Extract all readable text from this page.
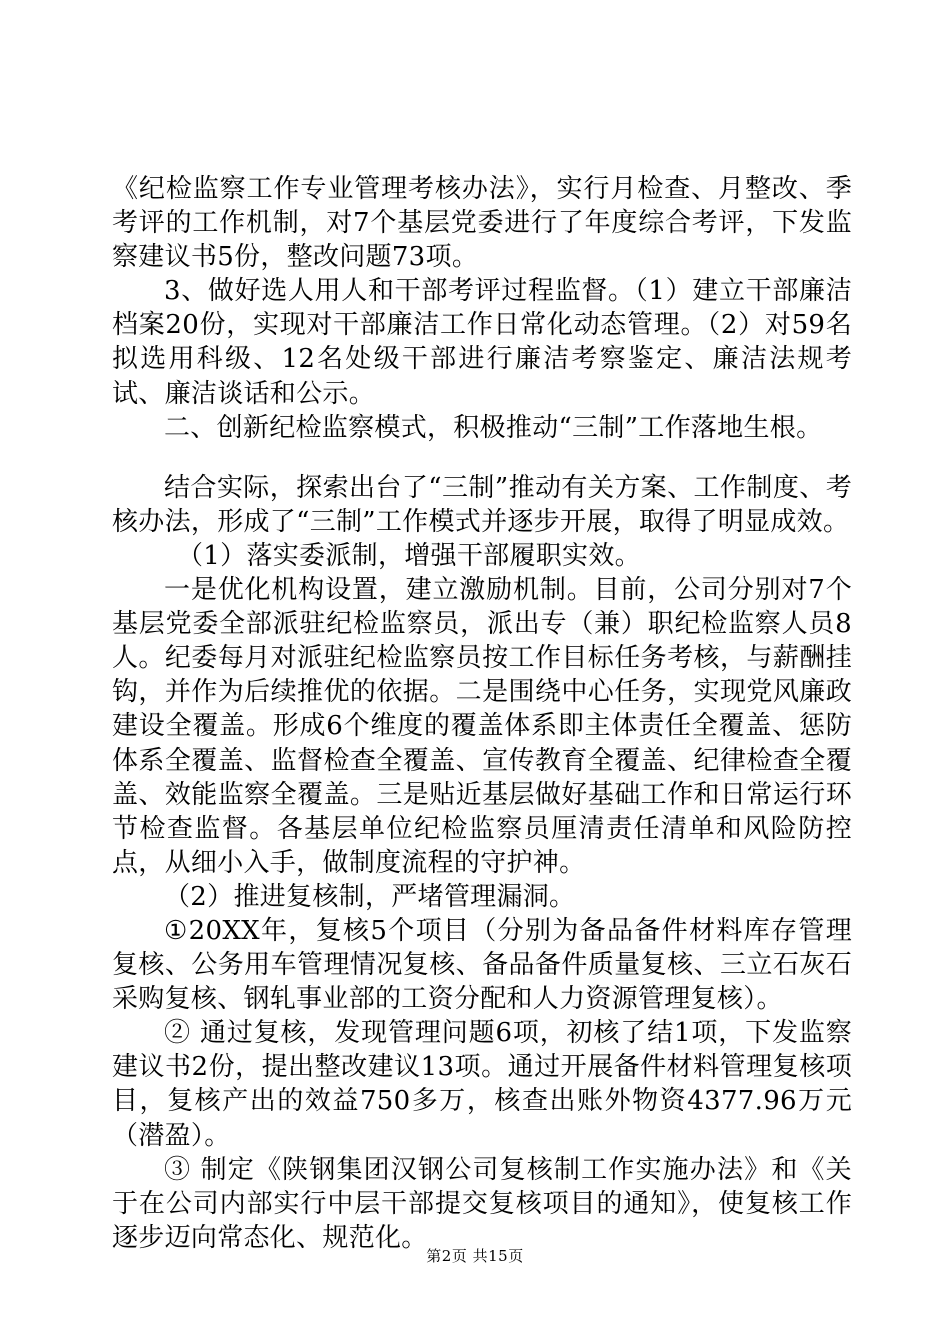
《纪检监察工作专业管理考核办法》，实行月检查、月整改、季考评的工作机制，对7个基层党委进行了年度综合考评，下发监察建议书5份，整改问题73项。

3、做好选人用人和干部考评过程监督。（1）建立干部廉洁档案20份，实现对干部廉洁工作日常化动态管理。（2）对59名拟选用科级、12名处级干部进行廉洁考察鉴定、廉洁法规考试、廉洁谈话和公示。

二、创新纪检监察模式，积极推动“三制”工作落地生根。

结合实际，探索出台了“三制”推动有关方案、工作制度、考核办法，形成了“三制”工作模式并逐步开展，取得了明显成效。

（1）落实委派制，增强干部履职实效。

一是优化机构设置，建立激励机制。目前，公司分别对7个基层党委全部派驻纪检监察员，派出专（兼）职纪检监察人员8人。纪委每月对派驻纪检监察员按工作目标任务考核，与薪酬挂钩，并作为后续推优的依据。二是围绕中心任务，实现党风廉政建设全覆盖。形成6个维度的覆盖体系即主体责任全覆盖、惩防体系全覆盖、监督检查全覆盖、宣传教育全覆盖、纪律检查全覆盖、效能监察全覆盖。三是贴近基层做好基础工作和日常运行环节检查监督。各基层单位纪检监察员厘清责任清单和风险防控点，从细小入手，做制度流程的守护神。

（2）推进复核制，严堵管理漏洞。

①20XX年，复核5个项目（分别为备品备件材料库存管理复核、公务用车管理情况复核、备品备件质量复核、三立石灰石采购复核、钢轧事业部的工资分配和人力资源管理复核）。

② 通过复核，发现管理问题6项，初核了结1项，下发监察建议书2份，提出整改建议13项。通过开展备件材料管理复核项目，复核产出的效益750多万，核查出账外物资4377.96万元（潜盈）。

③ 制定《陕钢集团汉钢公司复核制工作实施办法》和《关于在公司内部实行中层干部提交复核项目的通知》，使复核工作逐步迈向常态化、规范化。

第2页 共15页
